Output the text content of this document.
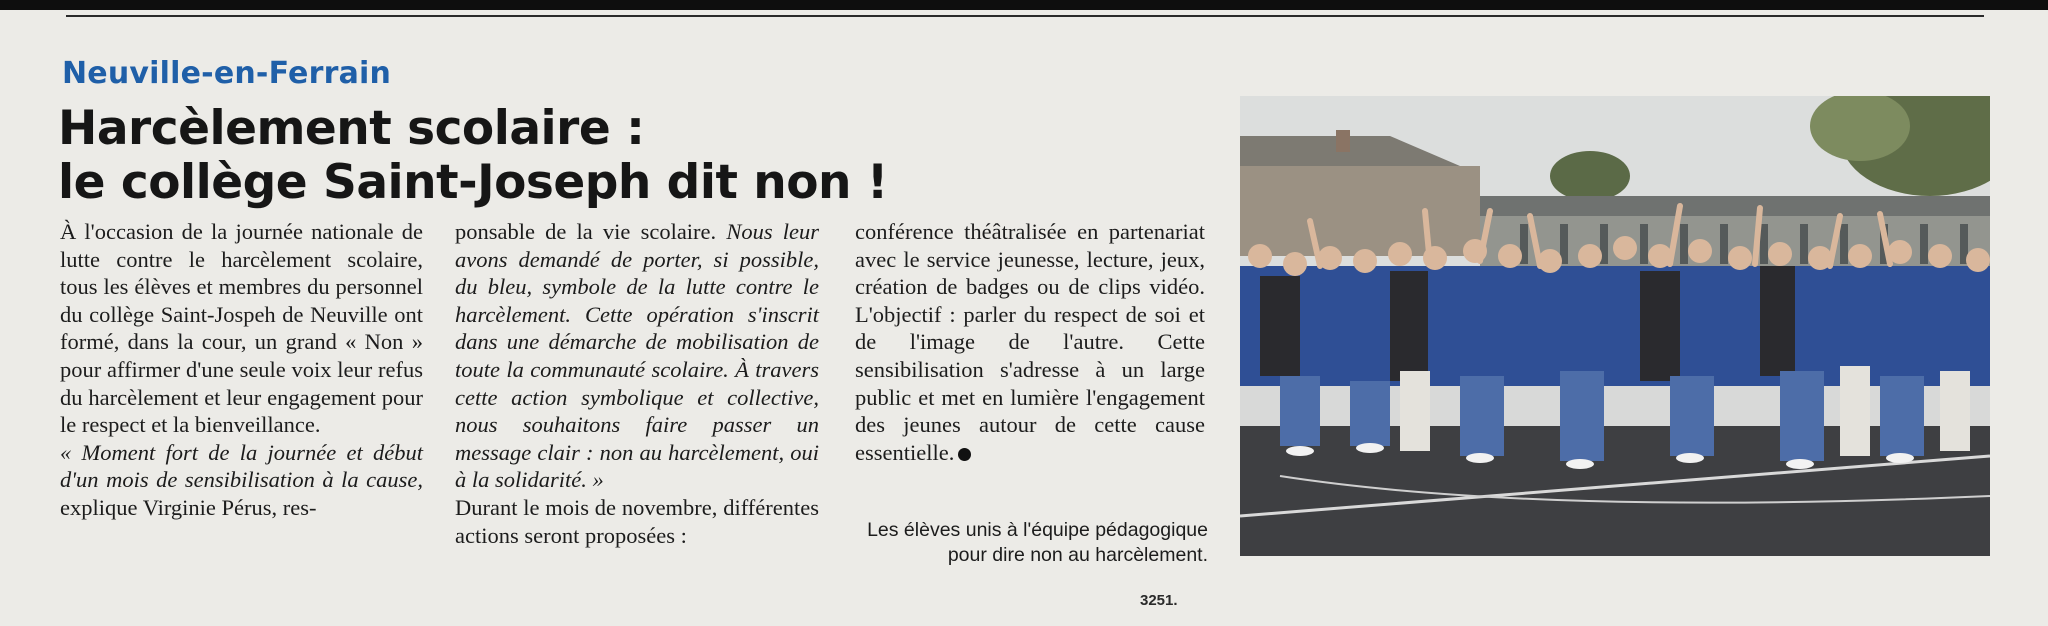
Neuville-en-Ferrain
Harcèlement scolaire :
le collège Saint-Joseph dit non !

À l'occasion de la journée nationale de lutte contre le harcèlement scolaire, tous les élèves et membres du personnel du collège Saint-Jospeh de Neuville ont formé, dans la cour, un grand « Non » pour affirmer d'une seule voix leur refus du harcèlement et leur engagement pour le respect et la bienveillance.

« Moment fort de la journée et début d'un mois de sensibilisation à la cause, explique Virginie Pérus, res-

ponsable de la vie scolaire. Nous leur avons demandé de porter, si possible, du bleu, symbole de la lutte contre le harcèlement. Cette opération s'inscrit dans une démarche de mobilisation de toute la communauté scolaire. À travers cette action symbolique et collective, nous souhaitons faire passer un message clair : non au harcèlement, oui à la solidarité. »

Durant le mois de novembre, différentes actions seront proposées :

conférence théâtralisée en partenariat avec le service jeunesse, lecture, jeux, création de badges ou de clips vidéo. L'objectif : parler du respect de soi et de l'image de l'autre. Cette sensibilisation s'adresse à un large public et met en lumière l'engagement des jeunes autour de cette cause essentielle.

Les élèves unis à l'équipe pédagogique pour dire non au harcèlement.

3251.
